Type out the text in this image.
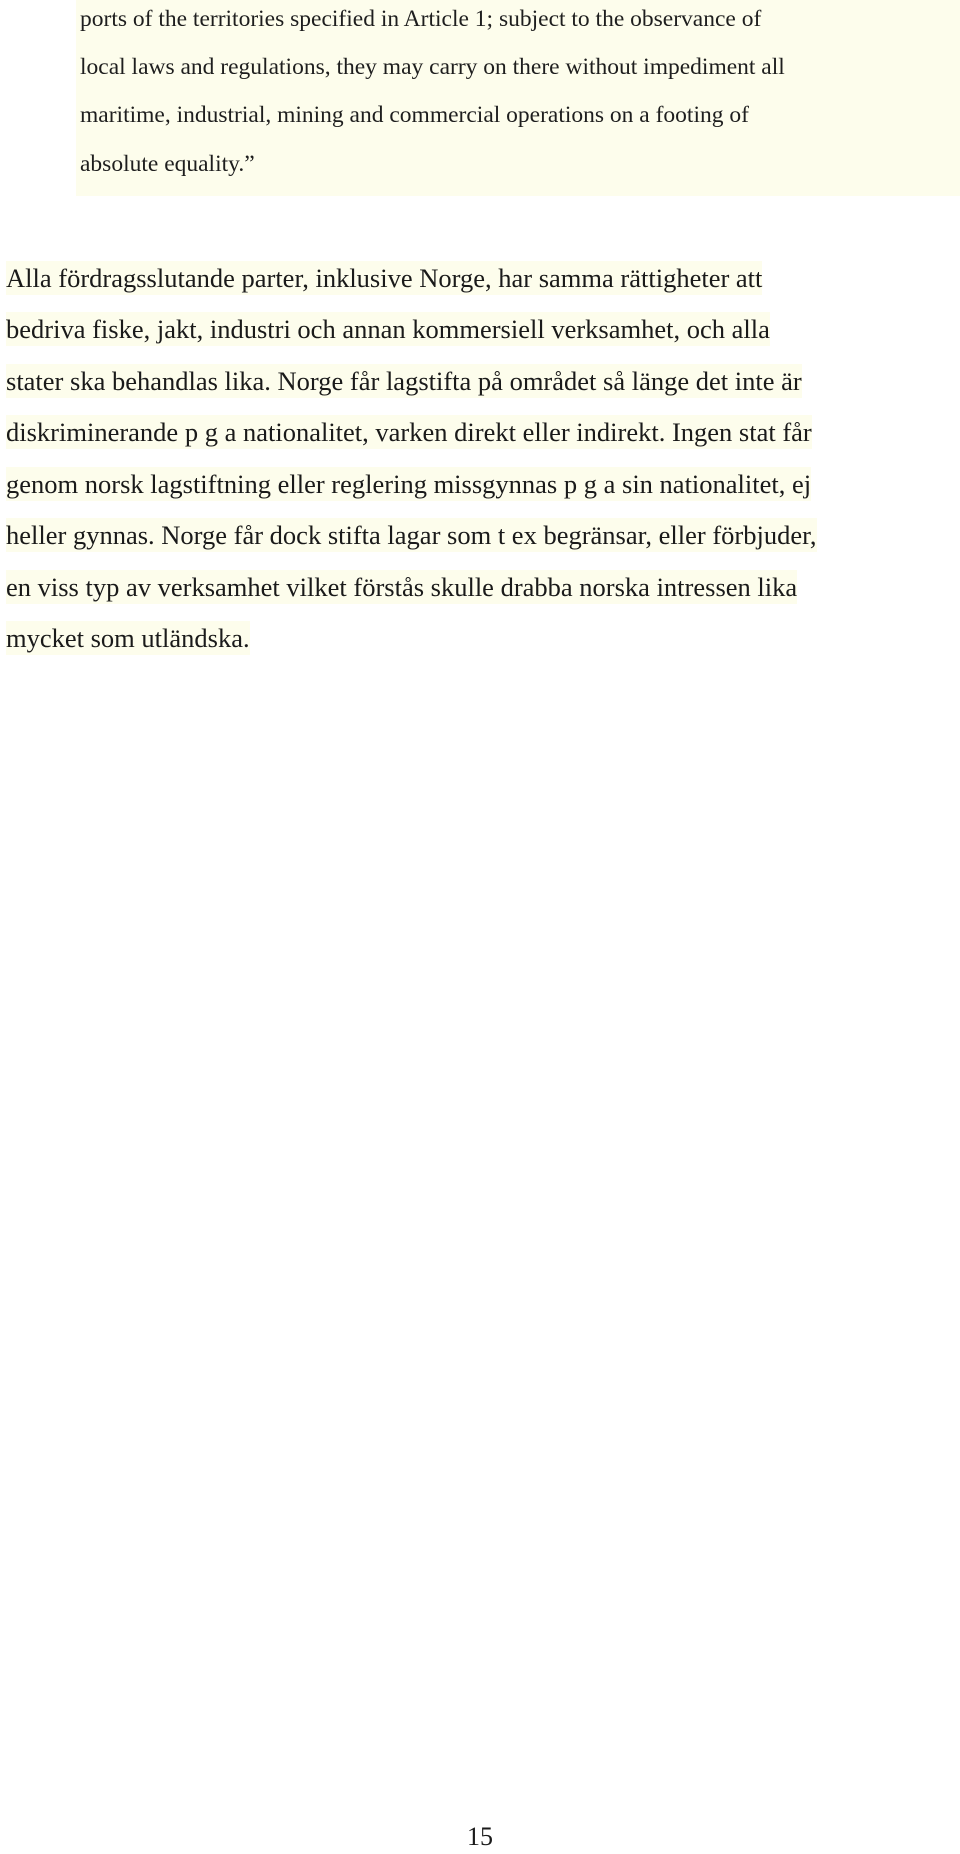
ports of the territories specified in Article 1; subject to the observance of
local laws and regulations, they may carry on there without impediment all
maritime, industrial, mining and commercial operations on a footing of
absolute equality.”
Alla fördragsslutande parter, inklusive Norge, har samma rättigheter att
bedriva fiske, jakt, industri och annan kommersiell verksamhet, och alla
stater ska behandlas lika. Norge får lagstifta på området så länge det inte är
diskriminerande p g a nationalitet, varken direkt eller indirekt. Ingen stat får
genom norsk lagstiftning eller reglering missgynnas p g a sin nationalitet, ej
heller gynnas. Norge får dock stifta lagar som t ex begränsar, eller förbjuder,
en viss typ av verksamhet vilket förstås skulle drabba norska intressen lika
mycket som utländska.
15
